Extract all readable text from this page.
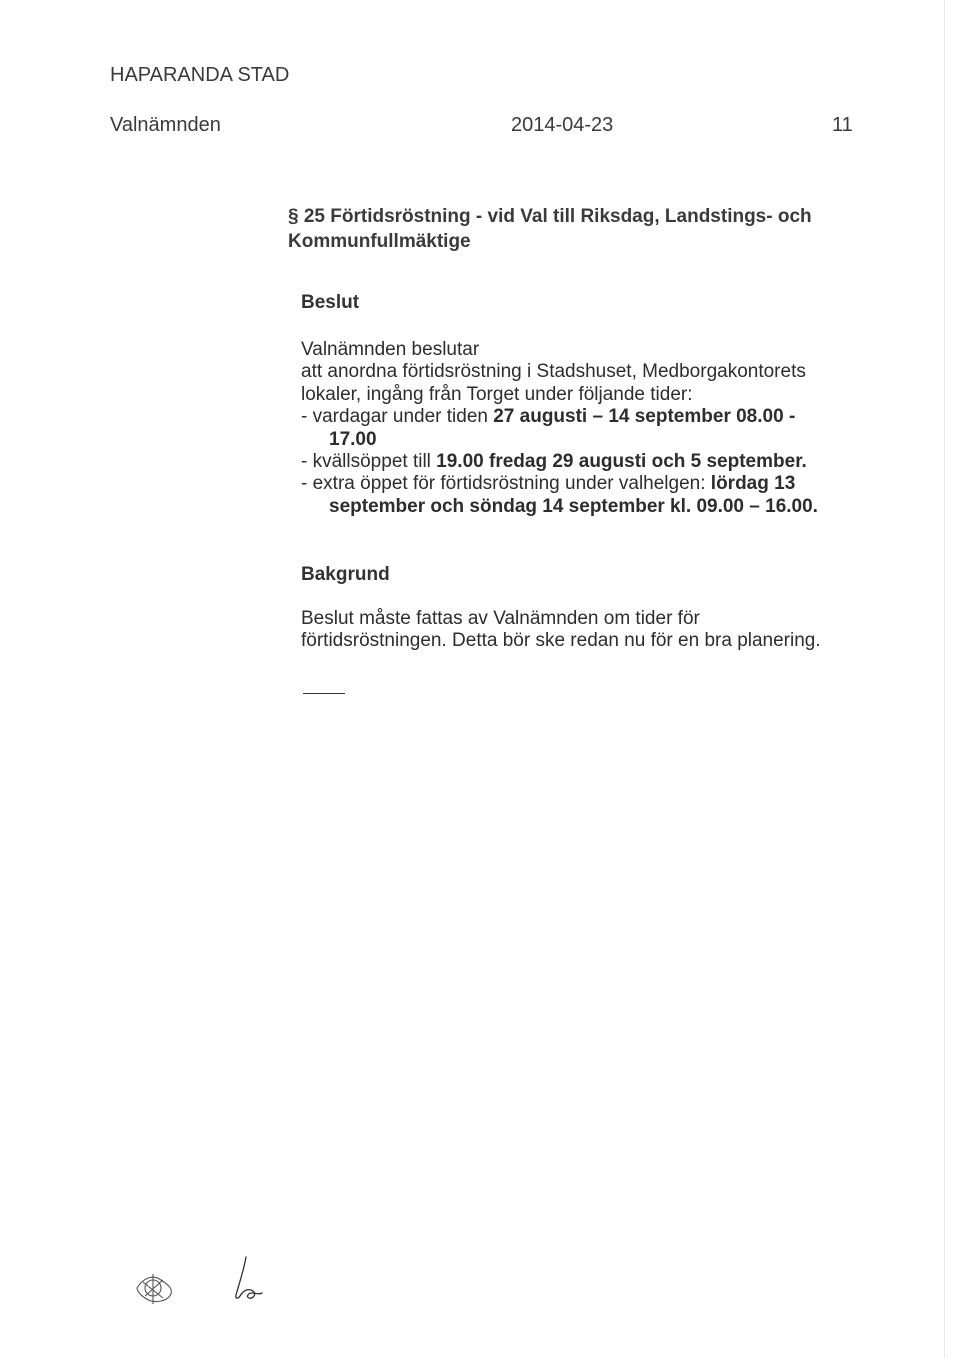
HAPARANDA STAD
Valnämnden	2014-04-23	11
§ 25 Förtidsröstning - vid Val till Riksdag, Landstings- och Kommunfullmäktige
Beslut
Valnämnden beslutar
att anordna förtidsröstning i Stadshuset, Medborgakontorets
lokaler, ingång från Torget under följande tider:
- vardagar under tiden 27 augusti – 14 september 08.00 -
17.00
- kvällsöppet till 19.00 fredag 29 augusti och 5 september.
- extra öppet för förtidsröstning under valhelgen: lördag 13
september och söndag 14 september kl. 09.00 – 16.00.
Bakgrund
Beslut måste fattas av Valnämnden om tider för
förtidsröstningen. Detta bör ske redan nu för en bra planering.
